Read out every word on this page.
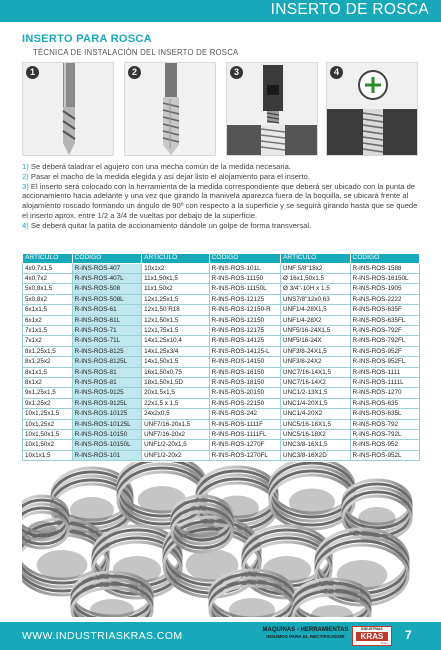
INSERTO DE ROSCA
INSERTO PARA ROSCA
TÉCNICA DE INSTALACIÓN DEL INSERTO DE ROSCA
1	2	3	4

1) Se deberá taladrar el agujero con una mecha común de la medida necesaria.

2) Pasar el macho de la medida elegida y así dejar listo el alojamiento para el inserto.

3) El inserto será colocado con la herramienta de la medida correspondiente que deberá ser ubicado con la punta de accionamiento hacia adelante y una vez que girando la manivela aparezca fuera de la boquilla, se ubicará frente al alojamiento roscado formando un ángulo de 90º con respecto a la superficie y se seguirá girando hasta que se quede el inserto aprox. entre 1/2 a 3/4 de vueltas por debajo de la superficie.

4) Se deberá quitar la patita de accionamiento dándole un golpe de forma transversal.

ARTÍCULO	CÓDIGO	ARTÍCULO	CÓDIGO	ARTÍCULO	CÓDIGO
4x0,7x1,5	R-INS-ROS-407	10x1x2	R-INS-ROS-101L	UNF 5/8"18x2	R-INS-ROS-1588
4x0,7x2	R-INS-ROS-407L	11x1,50x1,5	R-INS-ROS-11150	Ø 16x1,50x1.5	R-INS-ROS-16150L
5x0,8x1,5	R-INS-ROS-508	11x1,50x2	R-INS-ROS-11150L	Ø 3/4"-10H x 1.5	R-INS-ROS-1905
5x0,8x2	R-INS-ROS-508L	12x1,25x1,5	R-INS-ROS-12125	UNS7/8"12x0,63	R-INS-ROS-2222
6x1x1,5	R-INS-ROS-61	12x1,50 R18	R-INS-ROS-12150-R	UNF1/4-28X1,5	R-INS-ROS-635F
6x1x2	R-INS-ROS-61L	12x1,50x1,5	R-INS-ROS-12150	UNF1/4-28X2	R-INS-ROS-635FL
7x1x1,5	R-INS-ROS-71	12x1,75x1,5	R-INS-ROS-12175	UNF5/16-24X1,5	R-INS-ROS-792F
7x1x2	R-INS-ROS-71L	14x1,25x10,4	R-INS-ROS-14125	UNF5/16-24X	R-INS-ROS-792FL
8x1,25x1,5	R-INS-ROS-8125	14x1,25x3/4	R-INS-ROS-14125-L	UNF3/8-24X1,5	R-INS-ROS-952F
8x1,25x2	R-INS-ROS-8125L	14x1,50x1,5	R-INS-ROS-14150	UNF3/8-24X2	R-INS-ROS-952FL
8x1x1,5	R-INS-ROS-81	16x1,50x0,75	R-INS-ROS-16150	UNC7/16-14X1,5	R-INS-ROS-1111
8x1x2	R-INS-ROS-81	18x1,50x1,5D	R-INS-ROS-18150	UNC7/16-14X2	R-INS-ROS-1111L
9x1,25x1,5	R-INS-ROS-9125	20x1,5x1,5	R-INS-ROS-20150	UNC1/2-13X1,5	R-INS-ROS-1270
9x1,25x2	R-INS-ROS-9125L	22x1,5 x 1,5	R-INS-ROS-22150	UNC1/4-20X1,5	R-INS-ROS-635
10x1,25x1,5	R-INS-ROS-10125	24x2x0,5	R-INS-ROS-242	UNC1/4-20X2	R-INS-ROS-635L
10x1,25x2	R-INS-ROS-10125L	UNF7/16-20x1,5	R-INS-ROS-1111F	UNC5/16-18X1,5	R-INS-ROS-792
10x1,50x1,5	R-INS-ROS-10150	UNF7/16-20x2	R-INS-ROS-1111FL	UNC5/16-18X2	R-INS-ROS-792L
10x1,50x2	R-INS-ROS-10150L	UNF1/2-20x1,5	R-INS-ROS-1270F	UNC3/8-16X1,5	R-INS-ROS-952
10x1x1,5	R-INS-ROS-101	UNF1/2-20x2	R-INS-ROS-1270FL	UNC3/8-16X2D	R-INS-ROS-952L
WWW.INDUSTRIASKRAS.COM	MAQUINAS - HERRAMIENTAS
INSUMOS PARA EL RECTIFICADOR
INDUSTRIAS
KRAS
S.R.L.
7
